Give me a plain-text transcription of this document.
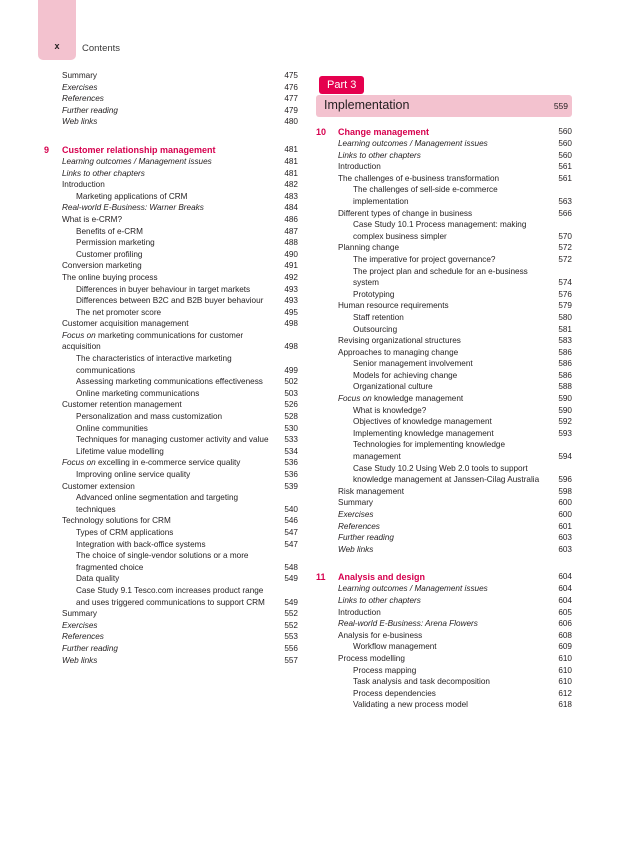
x	Contents
Summary	475
Exercises	476
References	477
Further reading	479
Web links	480
9	Customer relationship management	481
Learning outcomes / Management issues	481
Links to other chapters	481
Introduction	482
Marketing applications of CRM	483
Real-world E-Business: Warner Breaks	484
What is e-CRM?	486
Benefits of e-CRM	487
Permission marketing	488
Customer profiling	490
Conversion marketing	491
The online buying process	492
Differences in buyer behaviour in target markets	493
Differences between B2C and B2B buyer behaviour	493
The net promoter score	495
Customer acquisition management	498
Focus on marketing communications for customer acquisition	498
The characteristics of interactive marketing communications	499
Assessing marketing communications effectiveness	502
Online marketing communications	503
Customer retention management	526
Personalization and mass customization	528
Online communities	530
Techniques for managing customer activity and value	533
Lifetime value modelling	534
Focus on excelling in e-commerce service quality	536
Improving online service quality	536
Customer extension	539
Advanced online segmentation and targeting techniques	540
Technology solutions for CRM	546
Types of CRM applications	547
Integration with back-office systems	547
The choice of single-vendor solutions or a more fragmented choice	548
Data quality	549
Case Study 9.1 Tesco.com increases product range and uses triggered communications to support CRM	549
Summary	552
Exercises	552
References	553
Further reading	556
Web links	557
Implementation	559
Part 3
10	Change management	560
Learning outcomes / Management issues	560
Links to other chapters	560
Introduction	561
The challenges of e-business transformation	561
The challenges of sell-side e-commerce implementation	563
Different types of change in business	566
Case Study 10.1 Process management: making complex business simpler	570
Planning change	572
The imperative for project governance?	572
The project plan and schedule for an e-business system	574
Prototyping	576
Human resource requirements	579
Staff retention	580
Outsourcing	581
Revising organizational structures	583
Approaches to managing change	586
Senior management involvement	586
Models for achieving change	586
Organizational culture	588
Focus on knowledge management	590
What is knowledge?	590
Objectives of knowledge management	592
Implementing knowledge management	593
Technologies for implementing knowledge management	594
Case Study 10.2 Using Web 2.0 tools to support knowledge management at Janssen-Cilag Australia	596
Risk management	598
Summary	600
Exercises	600
References	601
Further reading	603
Web links	603
11	Analysis and design	604
Learning outcomes / Management issues	604
Links to other chapters	604
Introduction	605
Real-world E-Business: Arena Flowers	606
Analysis for e-business	608
Workflow management	609
Process modelling	610
Process mapping	610
Task analysis and task decomposition	610
Process dependencies	612
Validating a new process model	618
